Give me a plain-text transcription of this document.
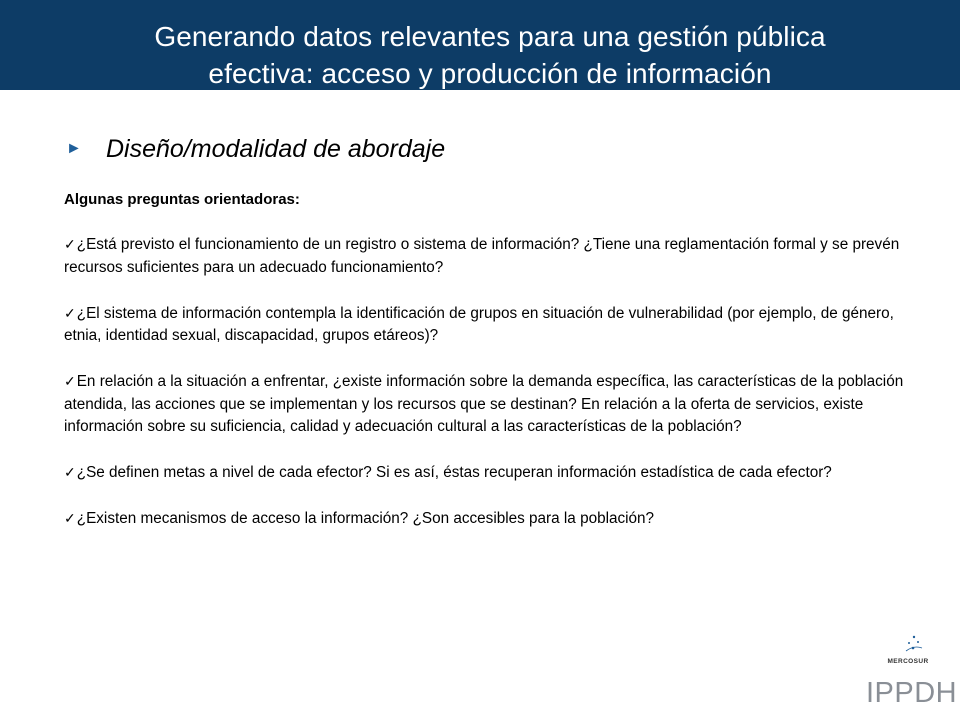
Generando datos relevantes para una gestión pública
efectiva: acceso y producción de información
► Diseño/modalidad de abordaje
Algunas preguntas orientadoras:
✓¿Está previsto el funcionamiento de un registro o sistema de información? ¿Tiene una reglamentación formal y se prevén recursos suficientes para un adecuado funcionamiento?
✓¿El sistema de información contempla la identificación de grupos en situación de vulnerabilidad (por ejemplo, de género, etnia, identidad sexual, discapacidad, grupos etáreos)?
✓En relación a la situación a enfrentar, ¿existe información sobre la demanda específica, las características de la población atendida, las acciones que se implementan y los recursos que se destinan? En relación a la oferta de servicios, existe información sobre su suficiencia, calidad y adecuación cultural a las características de la población?
✓¿Se definen metas a nivel de cada efector? Si es así, éstas recuperan información estadística de cada efector?
✓¿Existen mecanismos de acceso la información? ¿Son accesibles para la población?
MERCOSUR
IPPDH
